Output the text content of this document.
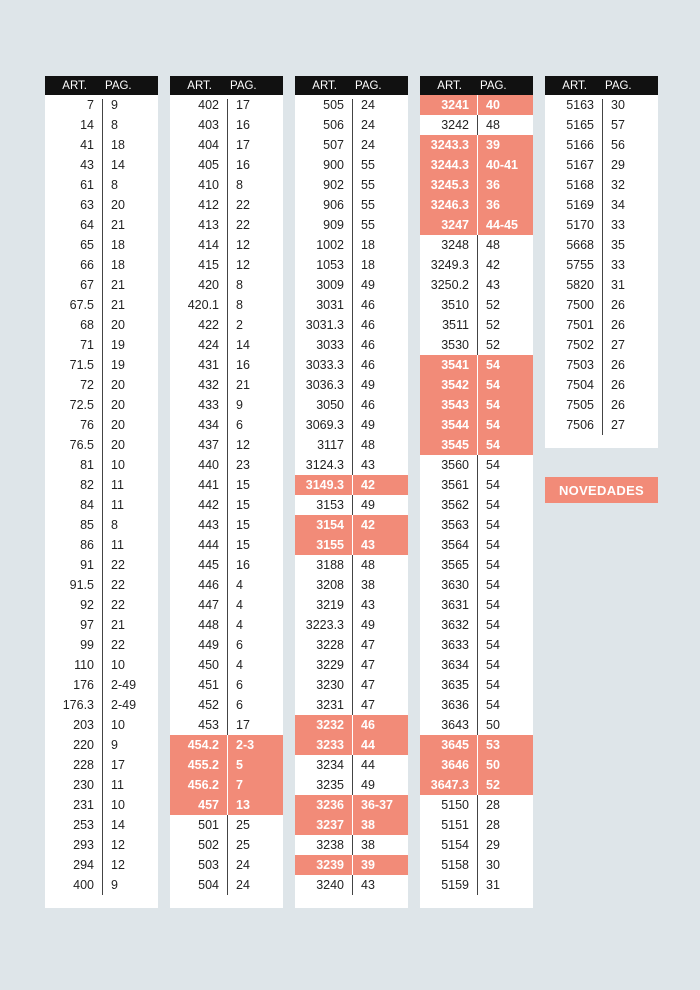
ART.	PAG.
7	9
14	8
41	18
43	14
61	8
63	20
64	21
65	18
66	18
67	21
67.5	21
68	20
71	19
71.5	19
72	20
72.5	20
76	20
76.5	20
81	10
82	11
84	11
85	8
86	11
91	22
91.5	22
92	22
97	21
99	22
110	10
176	2-49
176.3	2-49
203	10
220	9
228	17
230	11
231	10
253	14
293	12
294	12
400	9
ART.	PAG.
402	17
403	16
404	17
405	16
410	8
412	22
413	22
414	12
415	12
420	8
420.1	8
422	2
424	14
431	16
432	21
433	9
434	6
437	12
440	23
441	15
442	15
443	15
444	15
445	16
446	4
447	4
448	4
449	6
450	4
451	6
452	6
453	17
454.2	2-3
455.2	5
456.2	7
457	13
501	25
502	25
503	24
504	24
ART.	PAG.
505	24
506	24
507	24
900	55
902	55
906	55
909	55
1002	18
1053	18
3009	49
3031	46
3031.3	46
3033	46
3033.3	46
3036.3	49
3050	46
3069.3	49
3117	48
3124.3	43
3149.3	42
3153	49
3154	42
3155	43
3188	48
3208	38
3219	43
3223.3	49
3228	47
3229	47
3230	47
3231	47
3232	46
3233	44
3234	44
3235	49
3236	36-37
3237	38
3238	38
3239	39
3240	43
ART.	PAG.
3241	40
3242	48
3243.3	39
3244.3	40-41
3245.3	36
3246.3	36
3247	44-45
3248	48
3249.3	42
3250.2	43
3510	52
3511	52
3530	52
3541	54
3542	54
3543	54
3544	54
3545	54
3560	54
3561	54
3562	54
3563	54
3564	54
3565	54
3630	54
3631	54
3632	54
3633	54
3634	54
3635	54
3636	54
3643	50
3645	53
3646	50
3647.3	52
5150	28
5151	28
5154	29
5158	30
5159	31
ART.	PAG.
5163	30
5165	57
5166	56
5167	29
5168	32
5169	34
5170	33
5668	35
5755	33
5820	31
7500	26
7501	26
7502	27
7503	26
7504	26
7505	26
7506	27
NOVEDADES
